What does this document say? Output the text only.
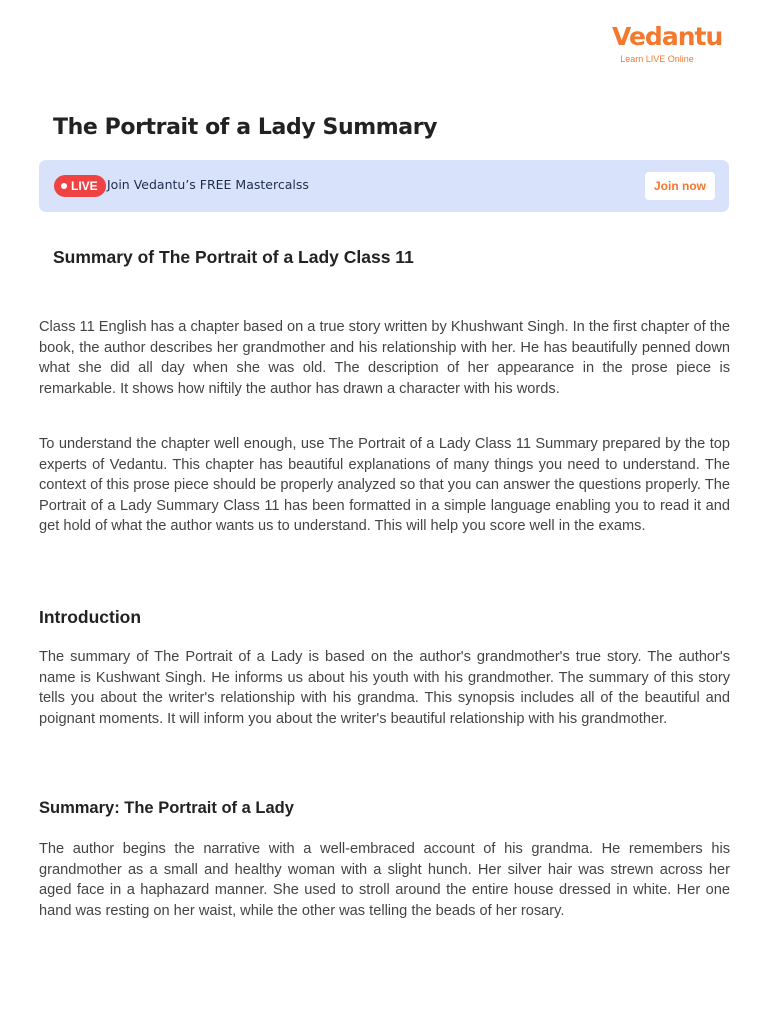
Vedantu
Learn LIVE Online
The Portrait of a Lady Summary
LIVE Join Vedantu’s FREE Mastercalss	Join now
Summary of The Portrait of a Lady Class 11

Class 11 English has a chapter based on a true story written by Khushwant Singh. In the first chapter of the book, the author describes her grandmother and his relationship with her. He has beautifully penned down what she did all day when she was old. The description of her appearance in the prose piece is remarkable. It shows how niftily the author has drawn a character with his words.

To understand the chapter well enough, use The Portrait of a Lady Class 11 Summary prepared by the top experts of Vedantu. This chapter has beautiful explanations of many things you need to understand. The context of this prose piece should be properly analyzed so that you can answer the questions properly. The Portrait of a Lady Summary Class 11 has been formatted in a simple language enabling you to read it and get hold of what the author wants us to understand. This will help you score well in the exams.

Introduction

The summary of The Portrait of a Lady is based on the author's grandmother's true story. The author's name is Kushwant Singh. He informs us about his youth with his grandmother. The summary of this story tells you about the writer's relationship with his grandma. This synopsis includes all of the beautiful and poignant moments. It will inform you about the writer's beautiful relationship with his grandmother.

Summary: The Portrait of a Lady

The author begins the narrative with a well-embraced account of his grandma. He remembers his grandmother as a small and healthy woman with a slight hunch. Her silver hair was strewn across her aged face in a haphazard manner. She used to stroll around the entire house dressed in white. Her one hand was resting on her waist, while the other was telling the beads of her rosary.
